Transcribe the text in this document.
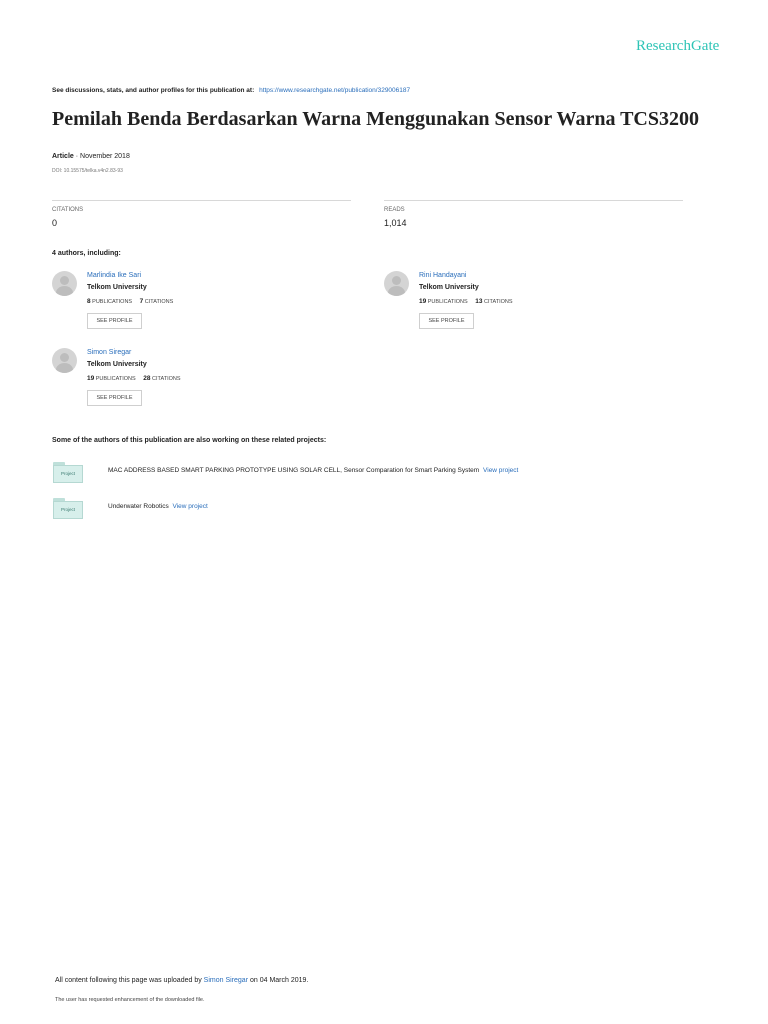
ResearchGate
See discussions, stats, and author profiles for this publication at: https://www.researchgate.net/publication/329006187
Pemilah Benda Berdasarkan Warna Menggunakan Sensor Warna TCS3200
Article · November 2018
DOI: 10.15575/telka.v4n2.83-93
CITATIONS
0
READS
1,014
4 authors, including:
Marlindia Ike Sari
Telkom University
8 PUBLICATIONS 7 CITATIONS
SEE PROFILE
Rini Handayani
Telkom University
19 PUBLICATIONS 13 CITATIONS
SEE PROFILE
Simon Siregar
Telkom University
19 PUBLICATIONS 28 CITATIONS
SEE PROFILE
Some of the authors of this publication are also working on these related projects:
Project	MAC ADDRESS BASED SMART PARKING PROTOTYPE USING SOLAR CELL, Sensor Comparation for Smart Parking System View project
Project	Underwater Robotics View project
All content following this page was uploaded by Simon Siregar on 04 March 2019.
The user has requested enhancement of the downloaded file.
